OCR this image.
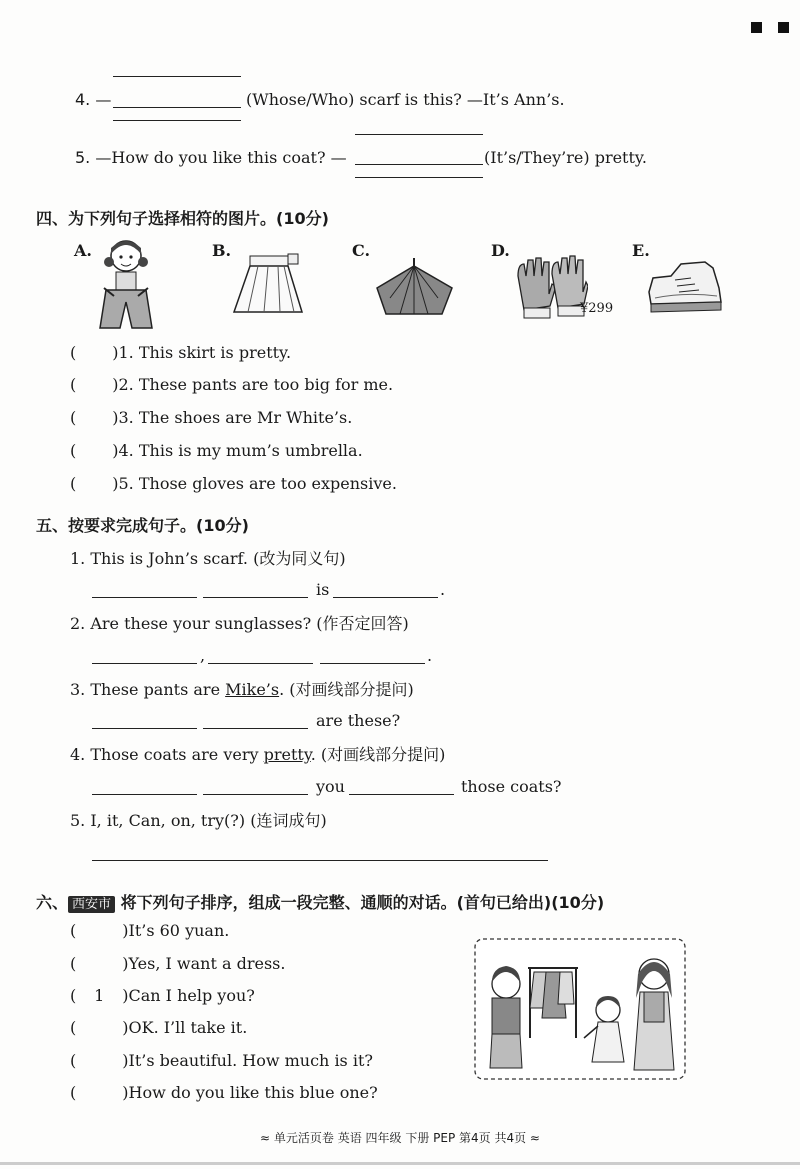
4. —	(Whose/Who) scarf is this? —It’s Ann’s.
5. —How do you like this coat? —	(It’s/They’re) pretty.
四、为下列句子选择相符的图片。(10分)
A.	B.	C.	D.	E.
¥299
( )1. This skirt is pretty.
( )2. These pants are too big for me.
( )3. The shoes are Mr White’s.
( )4. This is my mum’s umbrella.
( )5. Those gloves are too expensive.
五、按要求完成句子。(10分)
1. This is John’s scarf. (改为同义句)
is	.
2. Are these your sunglasses? (作否定回答)
,	.
3. These pants are Mike’s. (对画线部分提问)
are these?
4. Those coats are very pretty. (对画线部分提问)
you	those coats?
5. I, it, Can, on, try(?) (连词成句)
六、 西安市 将下列句子排序，组成一段完整、通顺的对话。(首句已给出)(10分)
(	)It’s 60 yuan.
(	)Yes, I want a dress.
( 1 )Can I help you?
(	)OK. I’ll take it.
(	)It’s beautiful. How much is it?
(	)How do you like this blue one?
≈ 单元活页卷 英语 四年级 下册 PEP 第4页 共4页 ≈
